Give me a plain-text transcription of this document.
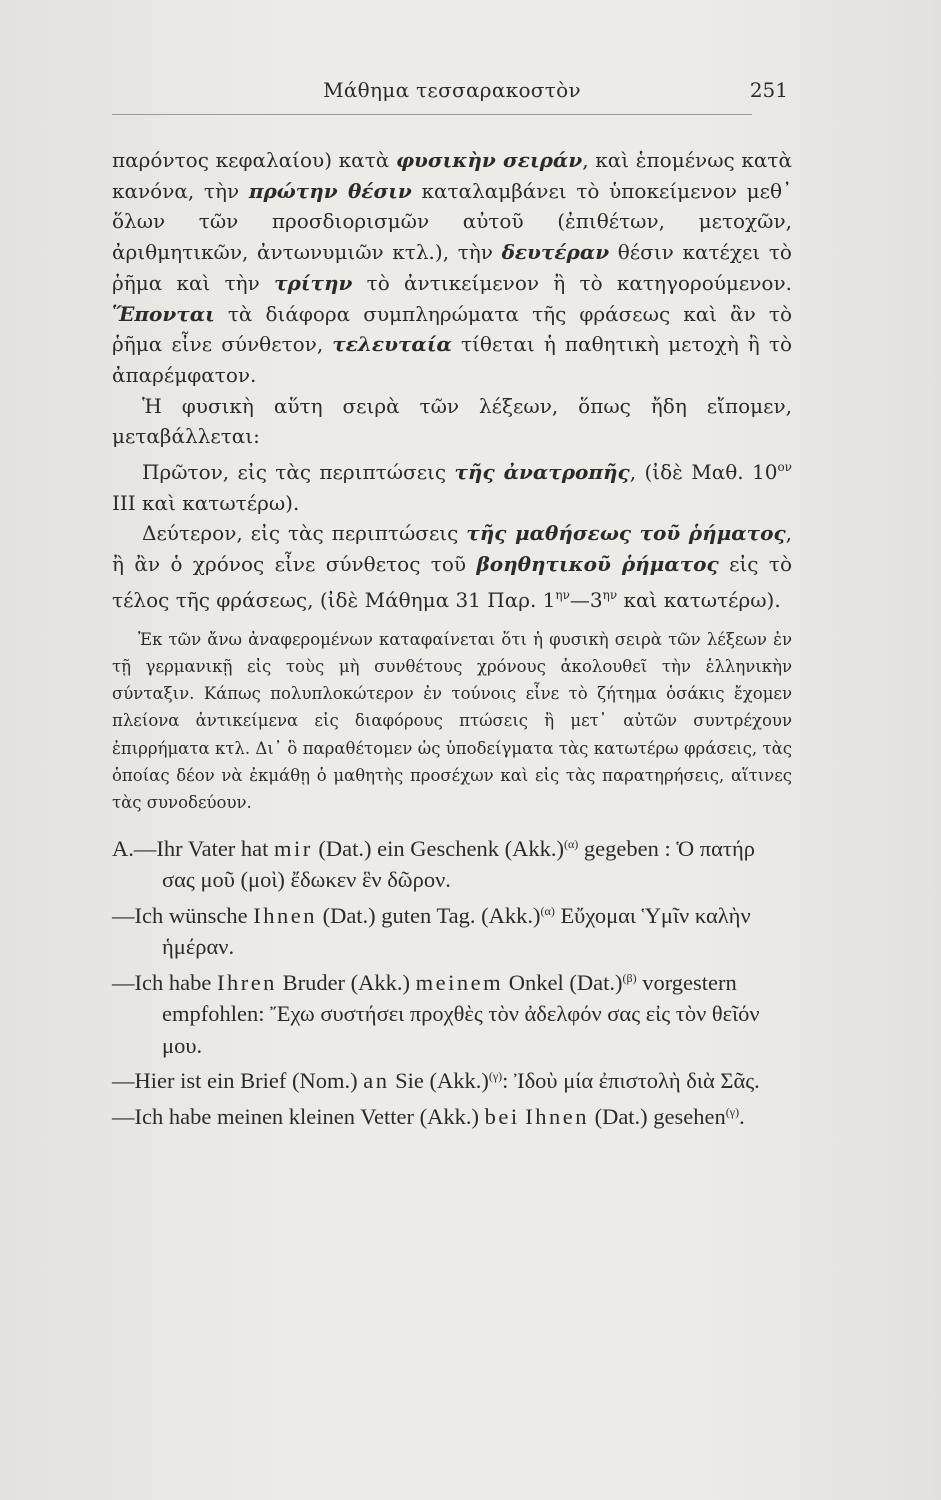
Μάθημα τεσσαρακοστὸν	251

παρόντος κεφαλαίου) κατὰ φυσικὴν σειράν, καὶ ἑπομένως κατὰ κανόνα, τὴν πρώτην θέσιν καταλαμβάνει τὸ ὑποκείμενον μεθ᾽ ὅλων τῶν προσδιορισμῶν αὐτοῦ (ἐπιθέτων, μετοχῶν, ἀριθμητικῶν, ἀντωνυμιῶν κτλ.), τὴν δευτέραν θέσιν κατέχει τὸ ῥῆμα καὶ τὴν τρίτην τὸ ἀντικείμενον ἢ τὸ κατηγορούμενον. Ἕπονται τὰ διάφορα συμπληρώματα τῆς φράσεως καὶ ἂν τὸ ῥῆμα εἶνε σύνθετον, τελευταία τίθεται ἡ παθητικὴ μετοχὴ ἢ τὸ ἀπαρέμφατον.

Ἡ φυσικὴ αὕτη σειρὰ τῶν λέξεων, ὅπως ἤδη εἴπομεν, μεταβάλλεται:

Πρῶτον, εἰς τὰς περιπτώσεις τῆς ἀνατροπῆς, (ἰδὲ Μαθ. $10^{o\nu}$ ΙΙΙ καὶ κατωτέρω).

Δεύτερον, εἰς τὰς περιπτώσεις τῆς μαθήσεως τοῦ ῥήματος, ἢ ἂν ὁ χρόνος εἶνε σύνθετος τοῦ βοηθητικοῦ ῥήματος εἰς τὸ τέλος τῆς φράσεως, (ἰδὲ Μάθημα 31 Παρ. $1^{\eta\nu}—3^{\eta\nu}$ καὶ κατωτέρω).

Ἐκ τῶν ἄνω ἀναφερομένων καταφαίνεται ὅτι ἡ φυσικὴ σειρὰ τῶν λέξεων ἐν τῇ γερμανικῇ εἰς τοὺς μὴ συνθέτους χρόνους ἀκολουθεῖ τὴν ἑλληνικὴν σύνταξιν. Κάπως πολυπλοκώτερον ἐν τούνοις εἶνε τὸ ζήτημα ὁσάκις ἔχομεν πλείονα ἀντικείμενα εἰς διαφόρους πτώσεις ἢ μετ᾽ αὐτῶν συντρέχουν ἐπιρρήματα κτλ. Δι᾽ ὃ παραθέτομεν ὡς ὑποδείγματα τὰς κατωτέρω φράσεις, τὰς ὁποίας δέον νὰ ἐκμάθῃ ὁ μαθητὴς προσέχων καὶ εἰς τὰς παρατηρήσεις, αἵτινες τὰς συνοδεύουν.

A.—Ihr Vater hat mir (Dat.) ein Geschenk $(Akk.)^{(\alpha)}$ gegeben : Ὁ πατήρ σας μοῦ (μοὶ) ἔδωκεν ἓν δῶρον.

—Ich wünsche Ihnen (Dat.) guten Tag. $(Akk.)^{(\alpha)}$ Εὔχομαι Ὑμῖν καλὴν ἡμέραν.

—Ich habe Ihren Bruder (Akk.) meinem Onkel $(Dat.)^{(\beta)}$ vorgestern empfohlen: Ἔχω συστήσει προχθὲς τὸν ἀδελφόν σας εἰς τὸν θεῖόν μου.

—Hier ist ein Brief (Nom.) an Sie $(Akk.)^{(\gamma)}$: Ἰδοὺ μία ἐπιστολὴ διὰ Σᾶς.

—Ich habe meinen kleinen Vetter (Akk.) bei Ihnen (Dat.) gesehen$^{(\gamma)}$.
